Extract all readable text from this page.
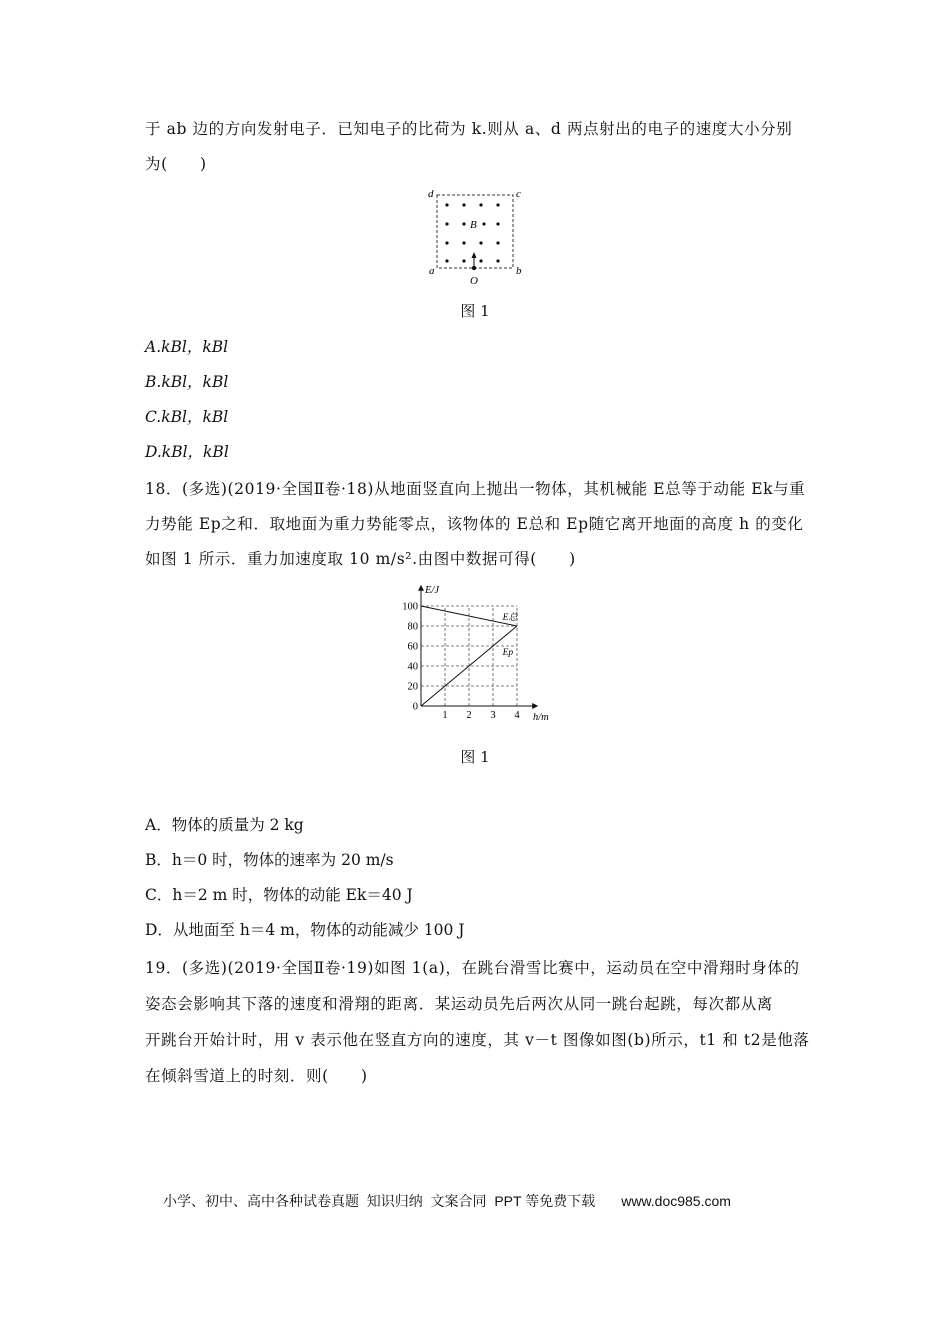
于 ab 边的方向发射电子．已知电子的比荷为 k.则从 a、d 两点射出的电子的速度大小分别

为(　　)

d	c
a	b
B
O
图 1

A.kBl，kBl

B.kBl，kBl

C.kBl，kBl

D.kBl，kBl

18．(多选)(2019·全国Ⅱ卷·18)从地面竖直向上抛出一物体，其机械能 E总等于动能 Ek与重

力势能 Ep之和．取地面为重力势能零点，该物体的 E总和 Ep随它离开地面的高度 h 的变化

如图 1 所示．重力加速度取 10 m/s².由图中数据可得(　　)

1 2 3 4
20
40
60
80
100
0
h/m
E/J
E总
Ep
图 1

A．物体的质量为 2 kg

B．h＝0 时，物体的速率为 20 m/s

C．h＝2 m 时，物体的动能 Ek＝40 J

D．从地面至 h＝4 m，物体的动能减少 100 J

19．(多选)(2019·全国Ⅱ卷·19)如图 1(a)，在跳台滑雪比赛中，运动员在空中滑翔时身体的

姿态会影响其下落的速度和滑翔的距离．某运动员先后两次从同一跳台起跳，每次都从离

开跳台开始计时，用 v 表示他在竖直方向的速度，其 v－t 图像如图(b)所示，t1 和 t2是他落

在倾斜雪道上的时刻．则(　　)

小学、初中、高中各种试卷真题  知识归纳  文案合同  PPT 等免费下载 www.doc985.com
